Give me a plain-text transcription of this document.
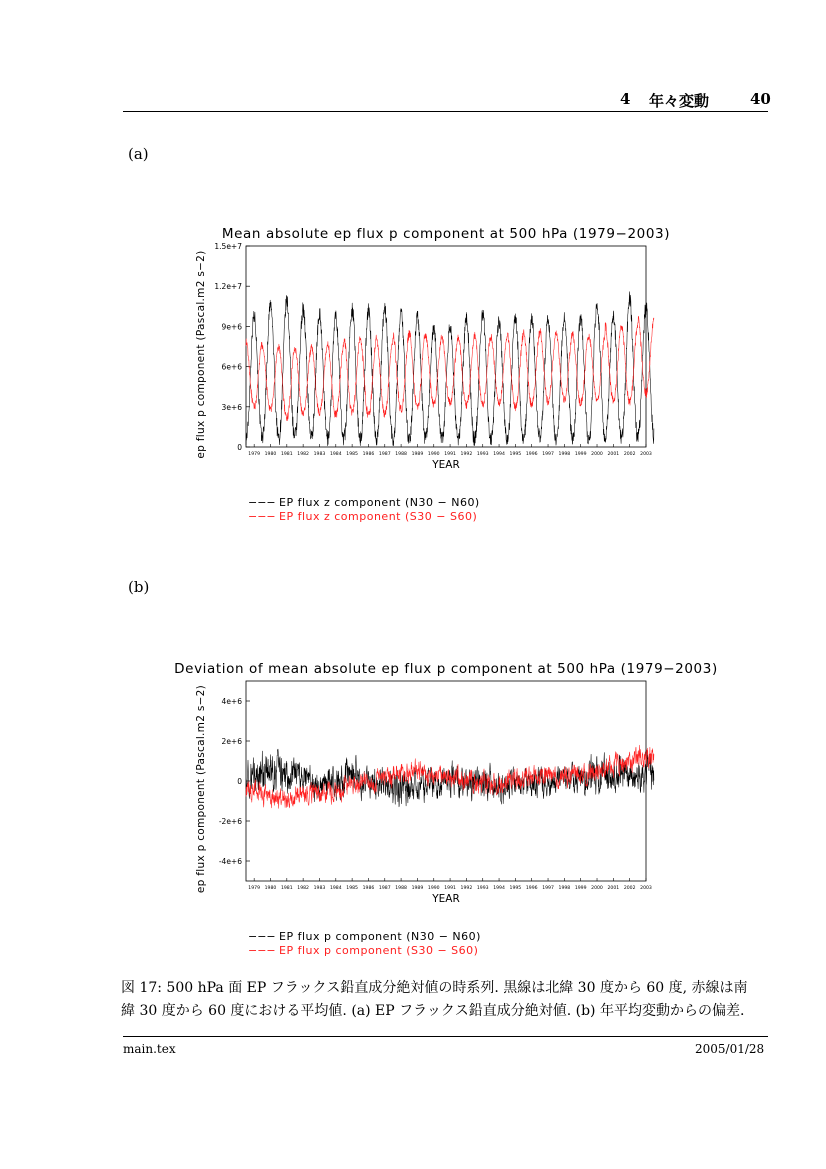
4 年々変動	40
(a)
Mean absolute ep flux p component at 500 hPa (1979−2003)
0
3e+6
6e+6
9e+6
1.2e+7
1.5e+7
1979 1980 1981 1982 1983 1984 1985 1986 1987 1988 1989 1990 1991 1992 1993 1994 1995 1996 1997 1998 1999 2000 2001 2002 2003
YEAR
ep flux p component (Pascal.m2 s−2)
−−− EP flux z component (N30 − N60)
−−− EP flux z component (S30 − S60)
(b)
Deviation of mean absolute ep flux p component at 500 hPa (1979−2003)
-4e+6
-2e+6
0
2e+6
4e+6
1979 1980 1981 1982 1983 1984 1985 1986 1987 1988 1989 1990 1991 1992 1993 1994 1995 1996 1997 1998 1999 2000 2001 2002 2003
YEAR
ep flux p component (Pascal.m2 s−2)
−−− EP flux p component (N30 − N60)
−−− EP flux p component (S30 − S60)
図 17: 500 hPa 面 EP フラックス鉛直成分絶対値の時系列. 黒線は北緯 30 度から 60 度, 赤線は南
緯 30 度から 60 度における平均値. (a) EP フラックス鉛直成分絶対値. (b) 年平均変動からの偏差.
main.tex	2005/01/28
